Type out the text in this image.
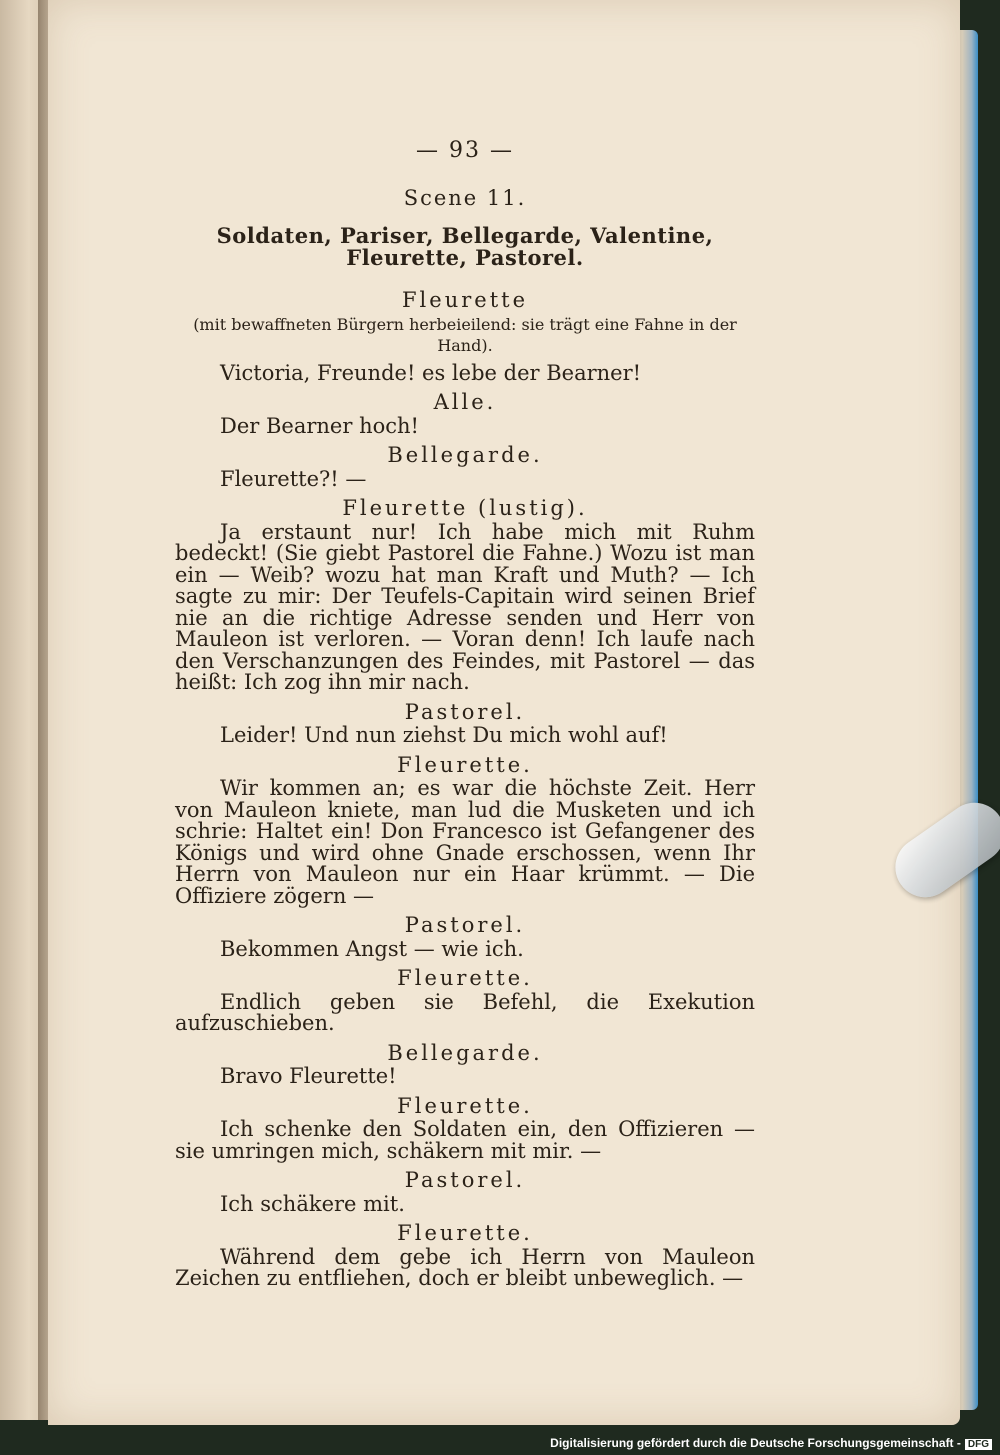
— 93 —
Scene 11.
Soldaten, Pariser, Bellegarde, Valentine, Fleurette, Pastorel.
Fleurette
(mit bewaffneten Bürgern herbeieilend: sie trägt eine Fahne in der Hand).
Victoria, Freunde! es lebe der Bearner!
Alle.
Der Bearner hoch!
Bellegarde.
Fleurette?! —
Fleurette (lustig).
Ja erstaunt nur! Ich habe mich mit Ruhm bedeckt! (Sie giebt Pastorel die Fahne.) Wozu ist man ein — Weib? wozu hat man Kraft und Muth? — Ich sagte zu mir: Der Teufels-Capitain wird seinen Brief nie an die richtige Adresse senden und Herr von Mauleon ist verloren. — Voran denn! Ich laufe nach den Verschanzungen des Feindes, mit Pastorel — das heißt: Ich zog ihn mir nach.
Pastorel.
Leider! Und nun ziehst Du mich wohl auf!
Fleurette.
Wir kommen an; es war die höchste Zeit. Herr von Mauleon kniete, man lud die Musketen und ich schrie: Haltet ein! Don Francesco ist Gefangener des Königs und wird ohne Gnade erschossen, wenn Ihr Herrn von Mauleon nur ein Haar krümmt. — Die Offiziere zögern —
Pastorel.
Bekommen Angst — wie ich.
Fleurette.
Endlich geben sie Befehl, die Exekution aufzuschieben.
Bellegarde.
Bravo Fleurette!
Fleurette.
Ich schenke den Soldaten ein, den Offizieren — sie umringen mich, schäkern mit mir. —
Pastorel.
Ich schäkere mit.
Fleurette.
Während dem gebe ich Herrn von Mauleon Zeichen zu entfliehen, doch er bleibt unbeweglich. —
Digitalisierung gefördert durch die Deutsche Forschungsgemeinschaft - DFG
